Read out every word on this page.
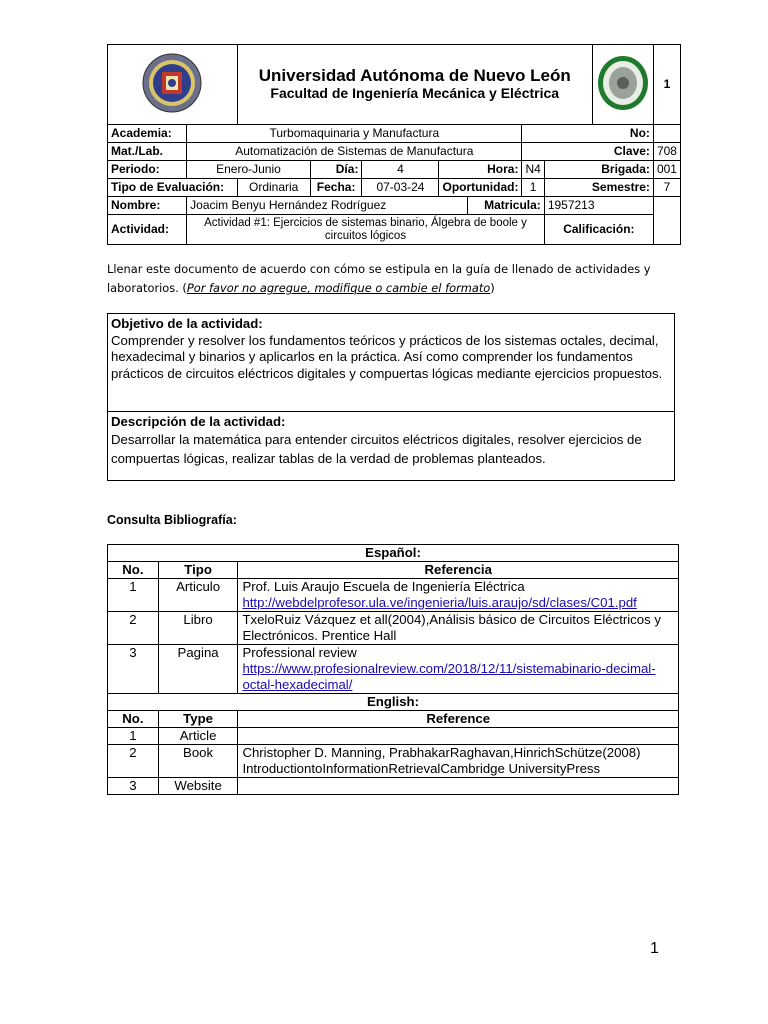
Universidad Autónoma de Nuevo León
Facultad de Ingeniería Mecánica y Eléctrica								1
Academia:	Turbomaquinaria y Manufactura						No:			
Mat./Lab.	Automatización de Sistemas de Manufactura						Clave:			708
Periodo:	Enero-Junio		Día:	4	Hora:		N4	Brigada:		001
Tipo de Evaluación:		Ordinaria	Fecha:	07-03-24	Oportunidad:		1	Semestre:		7
Nombre:	Joacim Benyu Hernández Rodríguez					Matricula:		1957213		
Actividad:	Actividad #1: Ejercicios de sistemas binario, Álgebra de boole y circuitos lógicos							Calificación:		
Llenar este documento de acuerdo con cómo se estipula en la guía de llenado de actividades y laboratorios. (Por favor no agregue, modifique o cambie el formato)
Objetivo de la actividad:
Comprender y resolver los fundamentos teóricos y prácticos de los sistemas octales, decimal, hexadecimal y binarios y aplicarlos en la práctica. Así como comprender los fundamentos prácticos de circuitos eléctricos digitales y compuertas lógicas mediante ejercicios propuestos.
Descripción de la actividad:
Desarrollar la matemática para entender circuitos eléctricos digitales, resolver ejercicios de compuertas lógicas, realizar tablas de la verdad de problemas planteados.
Consulta Bibliografía:
Español:		
No.	Tipo	Referencia
1	Articulo	Prof. Luis Araujo Escuela de Ingeniería Eléctrica
http://webdelprofesor.ula.ve/ingenieria/luis.araujo/sd/clases/C01.pdf
2	Libro	TxeloRuiz Vázquez et all(2004),Análisis básico de Circuitos Eléctricos y Electrónicos. Prentice Hall
3	Pagina	Professional review
https://www.profesionalreview.com/2018/12/11/sistemabinario-decimal-octal-hexadecimal/
English:		
No.	Type	Reference
1	Article	
2	Book	Christopher D. Manning, PrabhakarRaghavan,HinrichSchütze(2008) IntroductiontoInformationRetrievalCambridge UniversityPress
3	Website	
1
